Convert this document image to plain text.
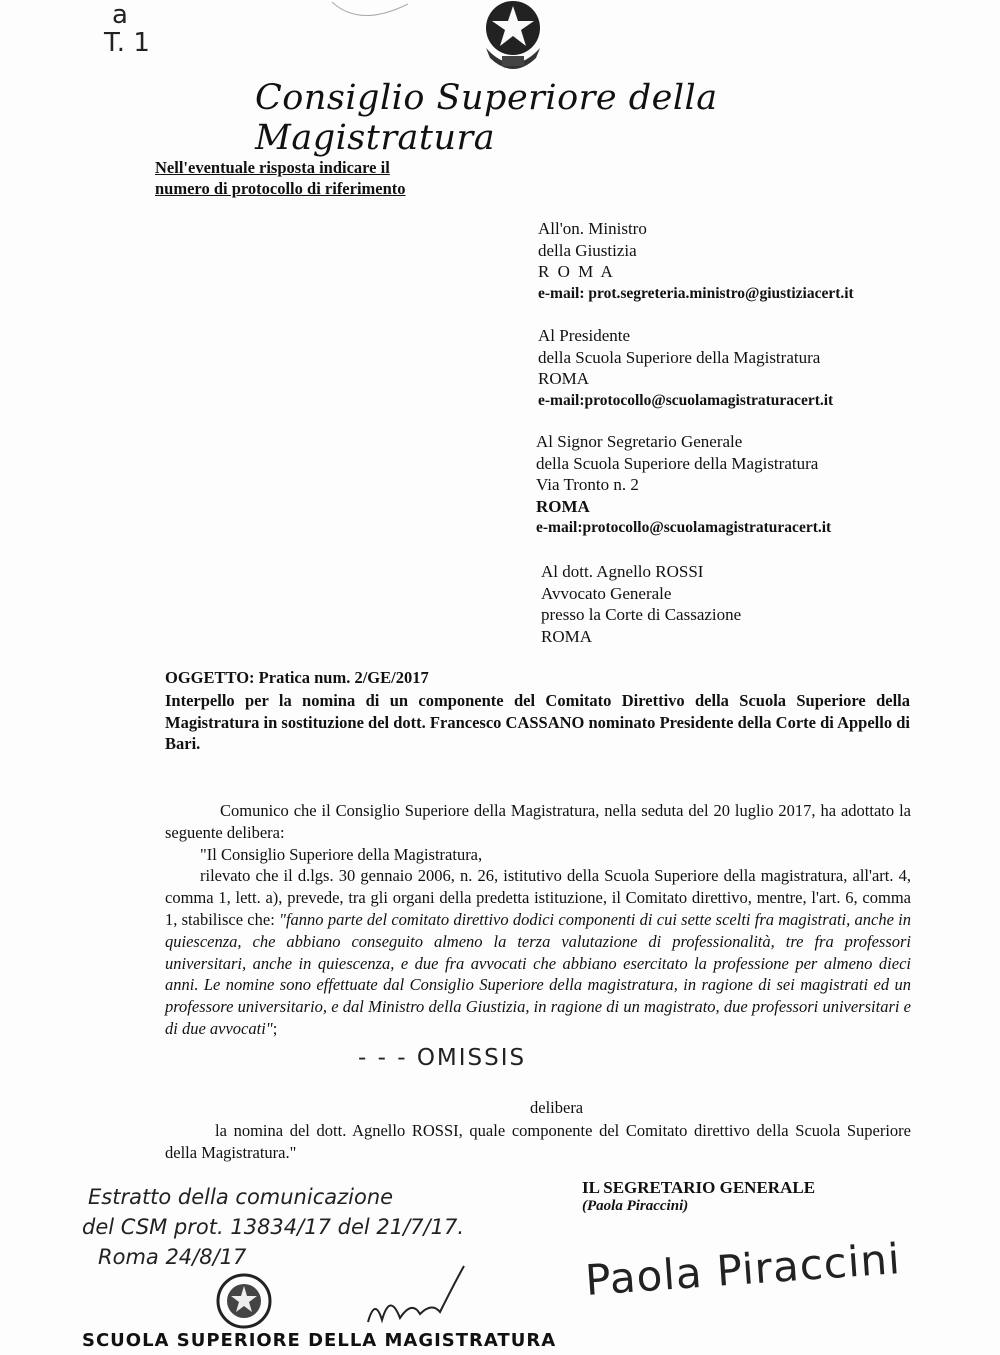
a
T. 1
Consiglio Superiore della Magistratura
Nell'eventuale risposta indicare il
numero di protocollo di riferimento
All'on. Ministro
della Giustizia
R O M A
e-mail: prot.segreteria.ministro@giustiziacert.it
Al Presidente
della Scuola Superiore della Magistratura
ROMA
e-mail:protocollo@scuolamagistraturacert.it
Al Signor Segretario Generale
della Scuola Superiore della Magistratura
Via Tronto n. 2
ROMA
e-mail:protocollo@scuolamagistraturacert.it
Al dott. Agnello ROSSI
Avvocato Generale
presso la Corte di Cassazione
ROMA
OGGETTO: Pratica num. 2/GE/2017
Interpello per la nomina di un componente del Comitato Direttivo della Scuola Superiore della Magistratura in sostituzione del dott. Francesco CASSANO nominato Presidente della Corte di Appello di Bari.

Comunico che il Consiglio Superiore della Magistratura, nella seduta del 20 luglio 2017, ha adottato la seguente delibera:

"Il Consiglio Superiore della Magistratura,

rilevato che il d.lgs. 30 gennaio 2006, n. 26, istitutivo della Scuola Superiore della magistratura, all'art. 4, comma 1, lett. a), prevede, tra gli organi della predetta istituzione, il Comitato direttivo, mentre, l'art. 6, comma 1, stabilisce che: "fanno parte del comitato direttivo dodici componenti di cui sette scelti fra magistrati, anche in quiescenza, che abbiano conseguito almeno la terza valutazione di professionalità, tre fra professori universitari, anche in quiescenza, e due fra avvocati che abbiano esercitato la professione per almeno dieci anni. Le nomine sono effettuate dal Consiglio Superiore della magistratura, in ragione di sei magistrati ed un professore universitario, e dal Ministro della Giustizia, in ragione di un magistrato, due professori universitari e di due avvocati";

- - - OMISSIS
delibera
la nomina del dott. Agnello ROSSI, quale componente del Comitato direttivo della Scuola Superiore della Magistratura."
IL SEGRETARIO GENERALE
(Paola Piraccini)
Paola Piraccini
Estratto della comunicazione
del CSM prot. 13834/17 del 21/7/17.
Roma 24/8/17
SCUOLA SUPERIORE DELLA MAGISTRATURA
